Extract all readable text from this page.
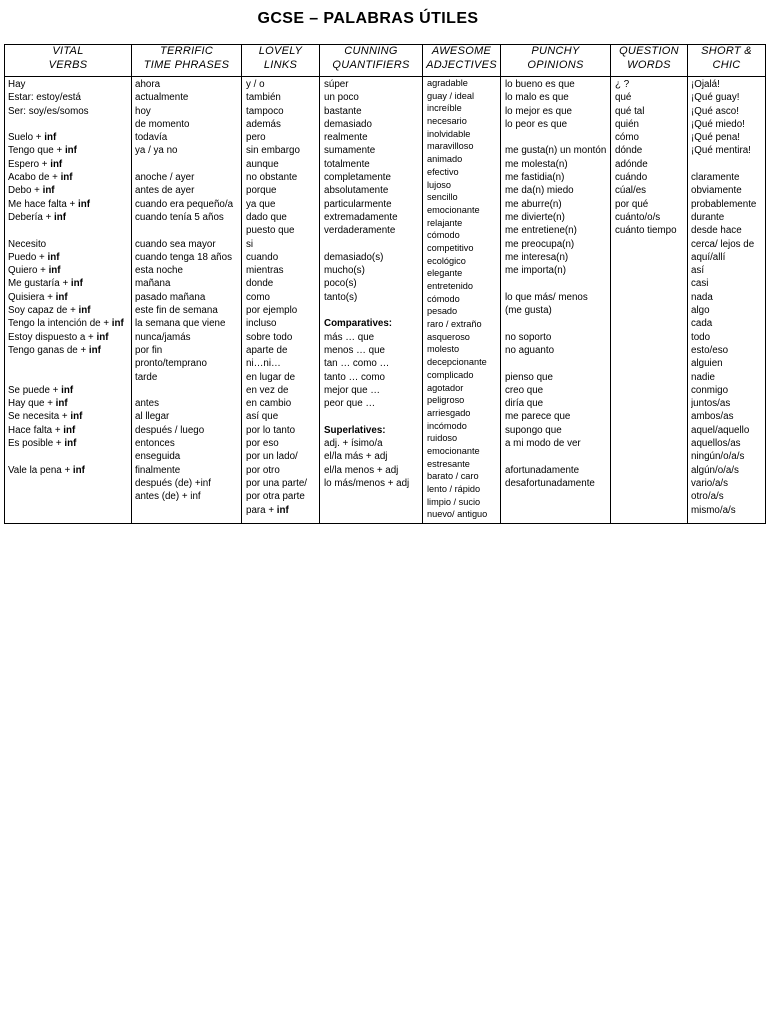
GCSE – PALABRAS ÚTILES
VITAL
VERBS
TERRIFIC
TIME PHRASES
LOVELY
LINKS
CUNNING
QUANTIFIERS
AWESOME
ADJECTIVES
PUNCHY
OPINIONS
QUESTION
WORDS
SHORT &
CHIC
Hay
Estar: estoy/está
Ser: soy/es/somos
Suelo + inf
Tengo que + inf
Espero + inf
Acabo de + inf
Debo + inf
Me hace falta + inf
Debería + inf
Necesito
Puedo + inf
Quiero + inf
Me gustaría + inf
Quisiera + inf
Soy capaz de + inf
Tengo la intención de + inf
Estoy dispuesto a + inf
Tengo ganas de + inf
Se puede + inf
Hay que + inf
Se necesita + inf
Hace falta + inf
Es posible + inf
Vale la pena + inf
ahora
actualmente
hoy
de momento
todavía
ya / ya no
anoche / ayer
antes de ayer
cuando era pequeño/a
cuando tenía 5 años
cuando sea mayor
cuando tenga 18 años
esta noche
mañana
pasado mañana
este fin de semana
la semana que viene
nunca/jamás
por fin
pronto/temprano
tarde
antes
al llegar
después / luego
entonces
enseguida
finalmente
después (de) +inf
antes (de) + inf
y / o
también
tampoco
además
pero
sin embargo
aunque
no obstante
porque
ya que
dado que
puesto que
si
cuando
mientras
donde
como
por ejemplo
incluso
sobre todo
aparte de
ni…ni…
en lugar de
en vez de
en cambio
así que
por lo tanto
por eso
por un lado/
por otro
por una parte/
por otra parte
para + inf
súper
un poco
bastante
demasiado
realmente
sumamente
totalmente
completamente
absolutamente
particularmente
extremadamente
verdaderamente
demasiado(s)
mucho(s)
poco(s)
tanto(s)
Comparatives:
más … que
menos … que
tan … como …
tanto … como
mejor que …
peor que …
Superlatives:
adj. + ísimo/a
el/la más + adj
el/la menos + adj
lo más/menos + adj
agradable
guay / ideal
increíble
necesario
inolvidable
maravilloso
animado
efectivo
lujoso
sencillo
emocionante
relajante
cómodo
competitivo
ecológico
elegante
entretenido
cómodo
pesado
raro / extraño
asqueroso
molesto
decepcionante
complicado
agotador
peligroso
arriesgado
incómodo
ruidoso
emocionante
estresante
barato / caro
lento / rápido
limpio / sucio
nuevo/ antiguo
lo bueno es que
lo malo es que
lo mejor es que
lo peor es que
me gusta(n) un montón
me molesta(n)
me fastidia(n)
me da(n) miedo
me aburre(n)
me divierte(n)
me entretiene(n)
me preocupa(n)
me interesa(n)
me importa(n)
lo que más/ menos
(me gusta)
no soporto
no aguanto
pienso que
creo que
diría que
me parece que
supongo que
a mi modo de ver
afortunadamente
desafortunadamente
¿ ?
qué
qué tal
quién
cómo
dónde
adónde
cuándo
cúal/es
por qué
cuánto/o/s
cuánto tiempo
¡Ojalá!
¡Qué guay!
¡Qué asco!
¡Qué miedo!
¡Qué pena!
¡Qué mentira!
claramente
obviamente
probablemente
durante
desde hace
cerca/ lejos de
aquí/allí
así
casi
nada
algo
cada
todo
esto/eso
alguien
nadie
conmigo
juntos/as
ambos/as
aquel/aquello
aquellos/as
ningún/o/a/s
algún/o/a/s
vario/a/s
otro/a/s
mismo/a/s
